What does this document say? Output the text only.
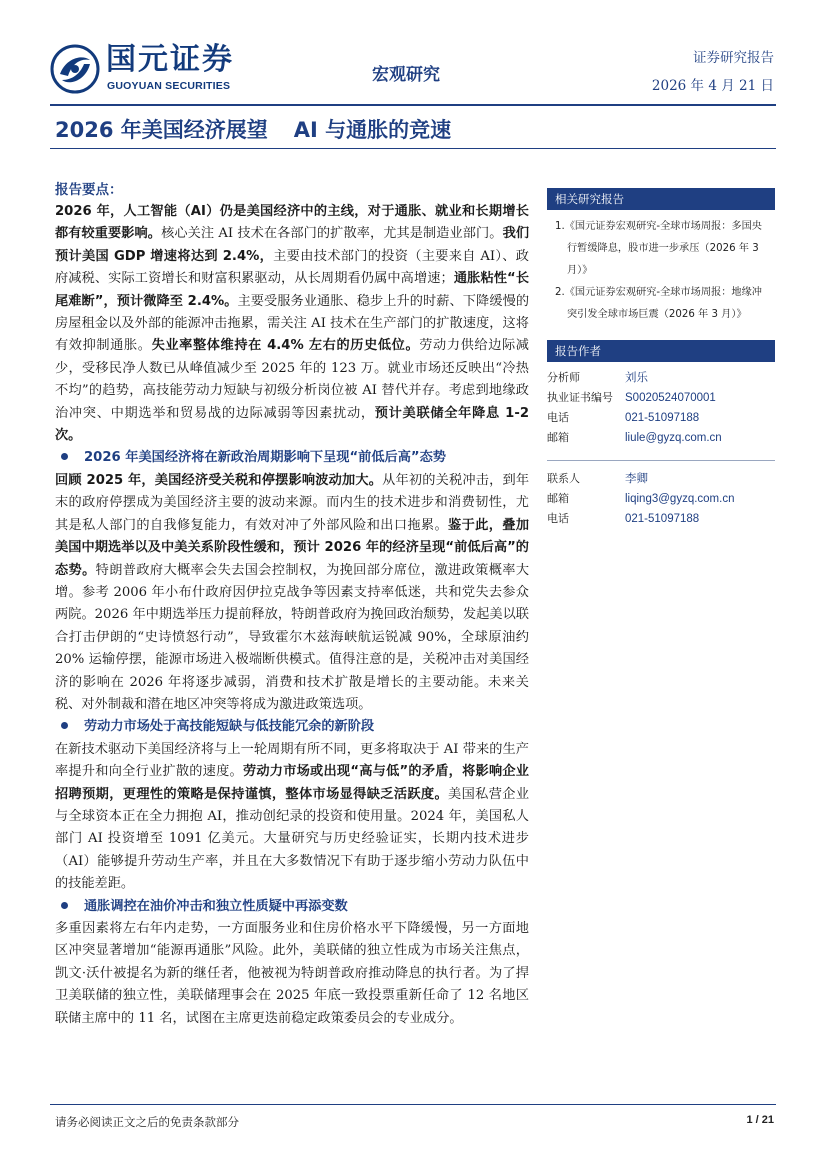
国元证券
GUOYUAN SECURITIES
宏观研究
证券研究报告
2026 年 4 月 21 日
2026 年美国经济展望 AI 与通胀的竞速
报告要点：
2026 年，人工智能（AI）仍是美国经济中的主线，对于通胀、就业和长期增长都有较重要影响。核心关注 AI 技术在各部门的扩散率，尤其是制造业部门。我们预计美国 GDP 增速将达到 2.4%，主要由技术部门的投资（主要来自 AI）、政府减税、实际工资增长和财富积累驱动，从长周期看仍属中高增速；通胀粘性“长尾难断”，预计微降至 2.4%。主要受服务业通胀、稳步上升的时薪、下降缓慢的房屋租金以及外部的能源冲击拖累，需关注 AI 技术在生产部门的扩散速度，这将有效抑制通胀。失业率整体维持在 4.4% 左右的历史低位。劳动力供给边际减少，受移民净人数已从峰值减少至 2025 年的 123 万。就业市场还反映出“冷热不均”的趋势，高技能劳动力短缺与初级分析岗位被 AI 替代并存。考虑到地缘政治冲突、中期选举和贸易战的边际减弱等因素扰动，预计美联储全年降息 1-2 次。
2026 年美国经济将在新政治周期影响下呈现“前低后高”态势
回顾 2025 年，美国经济受关税和停摆影响波动加大。从年初的关税冲击，到年末的政府停摆成为美国经济主要的波动来源。而内生的技术进步和消费韧性，尤其是私人部门的自我修复能力，有效对冲了外部风险和出口拖累。鉴于此，叠加美国中期选举以及中美关系阶段性缓和，预计 2026 年的经济呈现“前低后高”的态势。特朗普政府大概率会失去国会控制权，为挽回部分席位，激进政策概率大增。参考 2006 年小布什政府因伊拉克战争等因素支持率低迷，共和党失去参众两院。2026 年中期选举压力提前释放，特朗普政府为挽回政治颓势，发起美以联合打击伊朗的“史诗愤怒行动”，导致霍尔木兹海峡航运锐减 90%，全球原油约 20% 运输停摆，能源市场进入极端断供模式。值得注意的是，关税冲击对美国经济的影响在 2026 年将逐步减弱，消费和技术扩散是增长的主要动能。未来关税、对外制裁和潜在地区冲突等将成为激进政策选项。
劳动力市场处于高技能短缺与低技能冗余的新阶段
在新技术驱动下美国经济将与上一轮周期有所不同，更多将取决于 AI 带来的生产率提升和向全行业扩散的速度。劳动力市场或出现“高与低”的矛盾，将影响企业招聘预期，更理性的策略是保持谨慎，整体市场显得缺乏活跃度。美国私营企业与全球资本正在全力拥抱 AI，推动创纪录的投资和使用量。2024 年，美国私人部门 AI 投资增至 1091 亿美元。大量研究与历史经验证实，长期内技术进步（AI）能够提升劳动生产率，并且在大多数情况下有助于逐步缩小劳动力队伍中的技能差距。
通胀调控在油价冲击和独立性质疑中再添变数
多重因素将左右年内走势，一方面服务业和住房价格水平下降缓慢，另一方面地区冲突显著增加“能源再通胀”风险。此外，美联储的独立性成为市场关注焦点，凯文·沃什被提名为新的继任者，他被视为特朗普政府推动降息的执行者。为了捍卫美联储的独立性，美联储理事会在 2025 年底一致投票重新任命了 12 名地区联储主席中的 11 名，试图在主席更迭前稳定政策委员会的专业成分。
相关研究报告
1.《国元证券宏观研究-全球市场周报：多国央行暂缓降息，股市进一步承压（2026 年 3 月）》
2.《国元证券宏观研究-全球市场周报：地缘冲突引发全球市场巨震（2026 年 3 月）》
报告作者
分析师	刘乐
执业证书编号	S0020524070001
电话	021-51097188
邮箱	liule@gyzq.com.cn
联系人	李卿
邮箱	liqing3@gyzq.com.cn
电话	021-51097188
请务必阅读正文之后的免责条款部分	1 / 21
